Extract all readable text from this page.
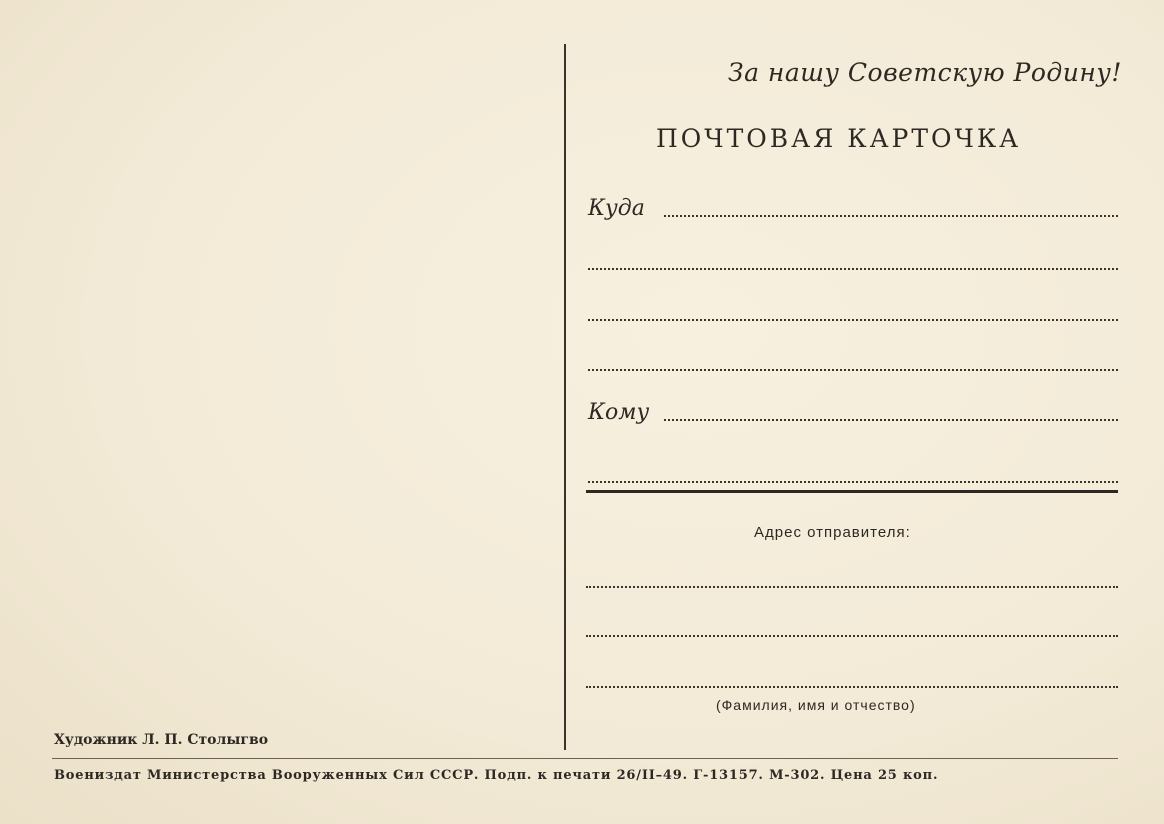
За нашу Советскую Родину!
ПОЧТОВАЯ КАРТОЧКА
Куда
Кому
Адрес отправителя:
(Фамилия, имя и отчество)
Художник Л. П. Столыгво
Воениздат Министерства Вооруженных Сил СССР. Подп. к печати 26/II–49. Г-13157. М-302. Цена 25 коп.
